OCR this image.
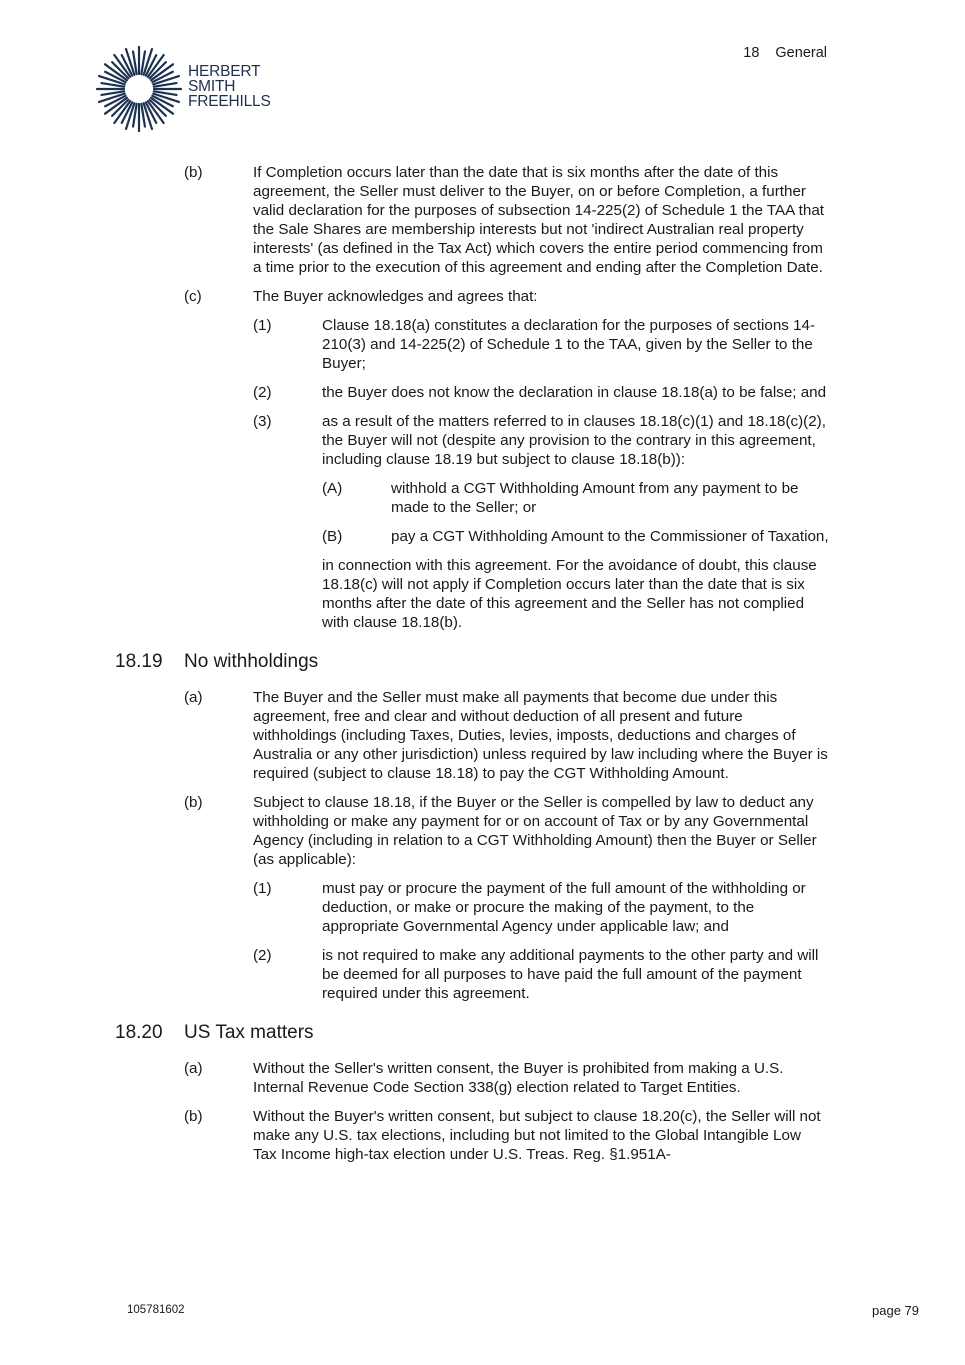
HERBERT
SMITH
FREEHILLS
18 General
(b)	If Completion occurs later than the date that is six months after the date of this agreement, the Seller must deliver to the Buyer, on or before Completion, a further valid declaration for the purposes of subsection 14-225(2) of Schedule 1 the TAA that the Sale Shares are membership interests but not 'indirect Australian real property interests' (as defined in the Tax Act) which covers the entire period commencing from a time prior to the execution of this agreement and ending after the Completion Date.
(c)	The Buyer acknowledges and agrees that:
(1)	Clause 18.18(a) constitutes a declaration for the purposes of sections 14-210(3) and 14-225(2) of Schedule 1 to the TAA, given by the Seller to the Buyer;
(2)	the Buyer does not know the declaration in clause 18.18(a) to be false; and
(3)	as a result of the matters referred to in clauses 18.18(c)(1) and 18.18(c)(2), the Buyer will not (despite any provision to the contrary in this agreement, including clause 18.19 but subject to clause 18.18(b)):
(A)	withhold a CGT Withholding Amount from any payment to be made to the Seller; or
(B)	pay a CGT Withholding Amount to the Commissioner of Taxation,
in connection with this agreement. For the avoidance of doubt, this clause 18.18(c) will not apply if Completion occurs later than the date that is six months after the date of this agreement and the Seller has not complied with clause 18.18(b).
18.19 No withholdings
(a)	The Buyer and the Seller must make all payments that become due under this agreement, free and clear and without deduction of all present and future withholdings (including Taxes, Duties, levies, imposts, deductions and charges of Australia or any other jurisdiction) unless required by law including where the Buyer is required (subject to clause 18.18) to pay the CGT Withholding Amount.
(b)	Subject to clause 18.18, if the Buyer or the Seller is compelled by law to deduct any withholding or make any payment for or on account of Tax or by any Governmental Agency (including in relation to a CGT Withholding Amount) then the Buyer or Seller (as applicable):
(1)	must pay or procure the payment of the full amount of the withholding or deduction, or make or procure the making of the payment, to the appropriate Governmental Agency under applicable law; and
(2)	is not required to make any additional payments to the other party and will be deemed for all purposes to have paid the full amount of the payment required under this agreement.
18.20 US Tax matters
(a)	Without the Seller's written consent, the Buyer is prohibited from making a U.S. Internal Revenue Code Section 338(g) election related to Target Entities.
(b)	Without the Buyer's written consent, but subject to clause 18.20(c), the Seller will not make any U.S. tax elections, including but not limited to the Global Intangible Low Tax Income high-tax election under U.S. Treas. Reg. §1.951A-
105781602	page 79
